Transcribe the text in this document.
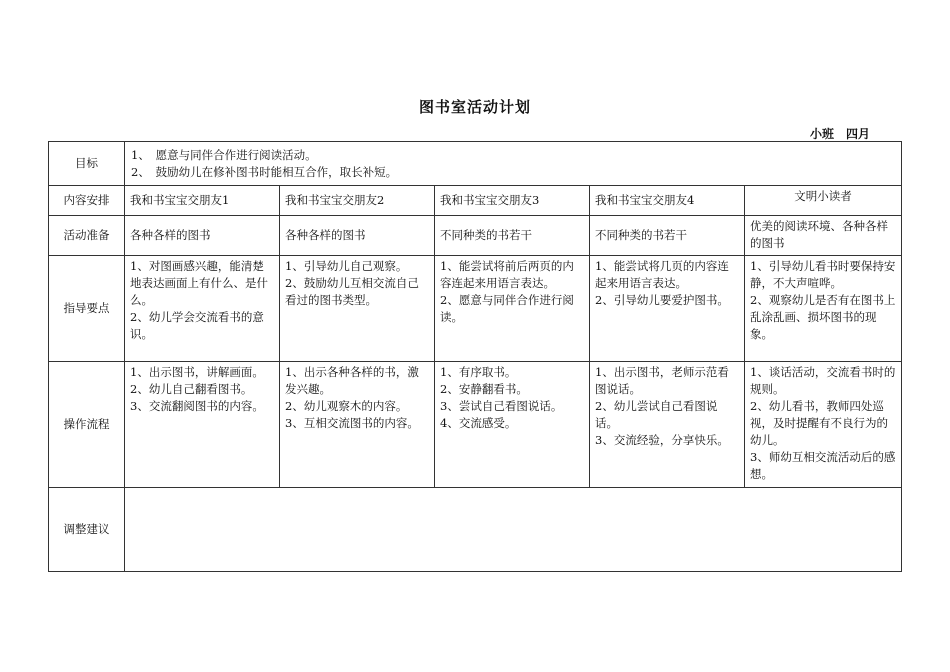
图书室活动计划
小班　四月
目标	1、　愿意与同伴合作进行阅读活动。
2、　鼓励幼儿在修补图书时能相互合作，取长补短。				

内容安排	我和书宝宝交朋友1	我和书宝宝交朋友2	我和书宝宝交朋友3	我和书宝宝交朋友4	文明小读者
活动准备	各种各样的图书	各种各样的图书	不同种类的书若干	不同种类的书若干	优美的阅读环境、各种各样的图书
指导要点	1、对图画感兴趣，能清楚地表达画面上有什么、是什么。
2、幼儿学会交流看书的意识。	1、引导幼儿自己观察。
2、鼓励幼儿互相交流自己看过的图书类型。	1、能尝试将前后两页的内容连起来用语言表达。
2、愿意与同伴合作进行阅读。	1、能尝试将几页的内容连起来用语言表达。
2、引导幼儿要爱护图书。	1、引导幼儿看书时要保持安静，不大声喧哗。
2、观察幼儿是否有在图书上乱涂乱画、损坏图书的现象。

操作流程	1、出示图书，讲解画面。
2、幼儿自己翻看图书。
3、交流翻阅图书的内容。	1、出示各种各样的书，激发兴趣。
2、幼儿观察木的内容。
3、互相交流图书的内容。	1、有序取书。
2、安静翻看书。
3、尝试自己看图说话。
4、交流感受。	1、出示图书，老师示范看图说话。
2、幼儿尝试自己看图说话。
3、交流经验，分享快乐。	1、谈话活动，交流看书时的规则。
2、幼儿看书，教师四处巡视，及时提醒有不良行为的幼儿。
3、师幼互相交流活动后的感想。

调整建议					
